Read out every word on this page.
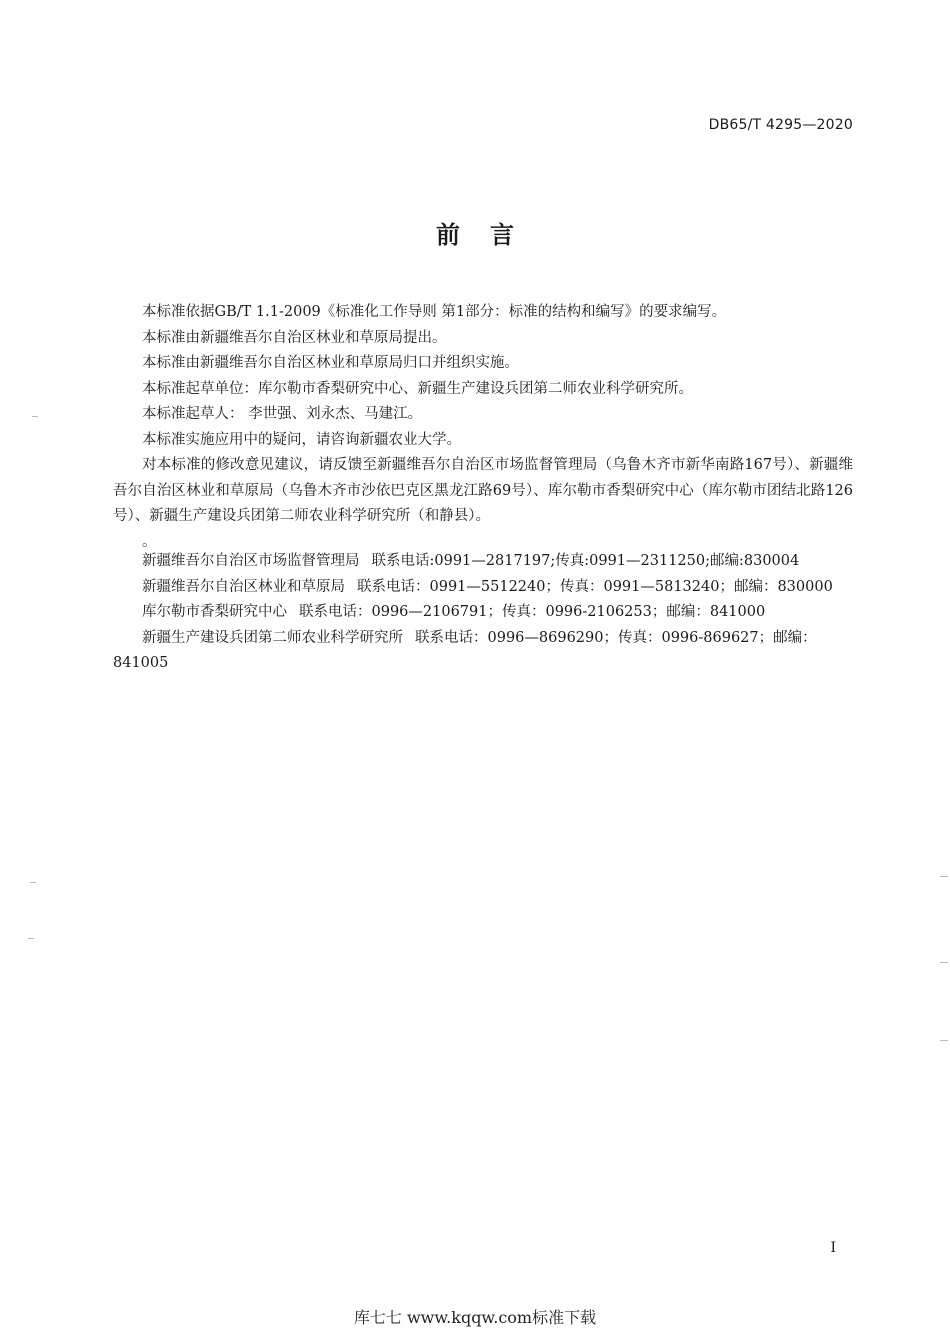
DB65/T 4295—2020
前言

本标准依据GB/T 1.1-2009《标准化工作导则 第1部分：标准的结构和编写》的要求编写。

本标准由新疆维吾尔自治区林业和草原局提出。

本标准由新疆维吾尔自治区林业和草原局归口并组织实施。

本标准起草单位：库尔勒市香梨研究中心、新疆生产建设兵团第二师农业科学研究所。

本标准起草人： 李世强、刘永杰、马建江。

本标准实施应用中的疑问，请咨询新疆农业大学。

对本标准的修改意见建议，请反馈至新疆维吾尔自治区市场监督管理局（乌鲁木齐市新华南路167号）、新疆维吾尔自治区林业和草原局（乌鲁木齐市沙依巴克区黑龙江路69号）、库尔勒市香梨研究中心（库尔勒市团结北路126号）、新疆生产建设兵团第二师农业科学研究所（和静县）。

。

新疆维吾尔自治区市场监督管理局 联系电话:0991—2817197;传真:0991—2311250;邮编:830004

新疆维吾尔自治区林业和草原局 联系电话：0991—5512240；传真：0991—5813240；邮编：830000

库尔勒市香梨研究中心 联系电话：0996—2106791；传真：0996-2106253；邮编：841000

新疆生产建设兵团第二师农业科学研究所 联系电话：0996—8696290；传真：0996-869627；邮编：841005

I
库七七 www.kqqw.com标准下载
